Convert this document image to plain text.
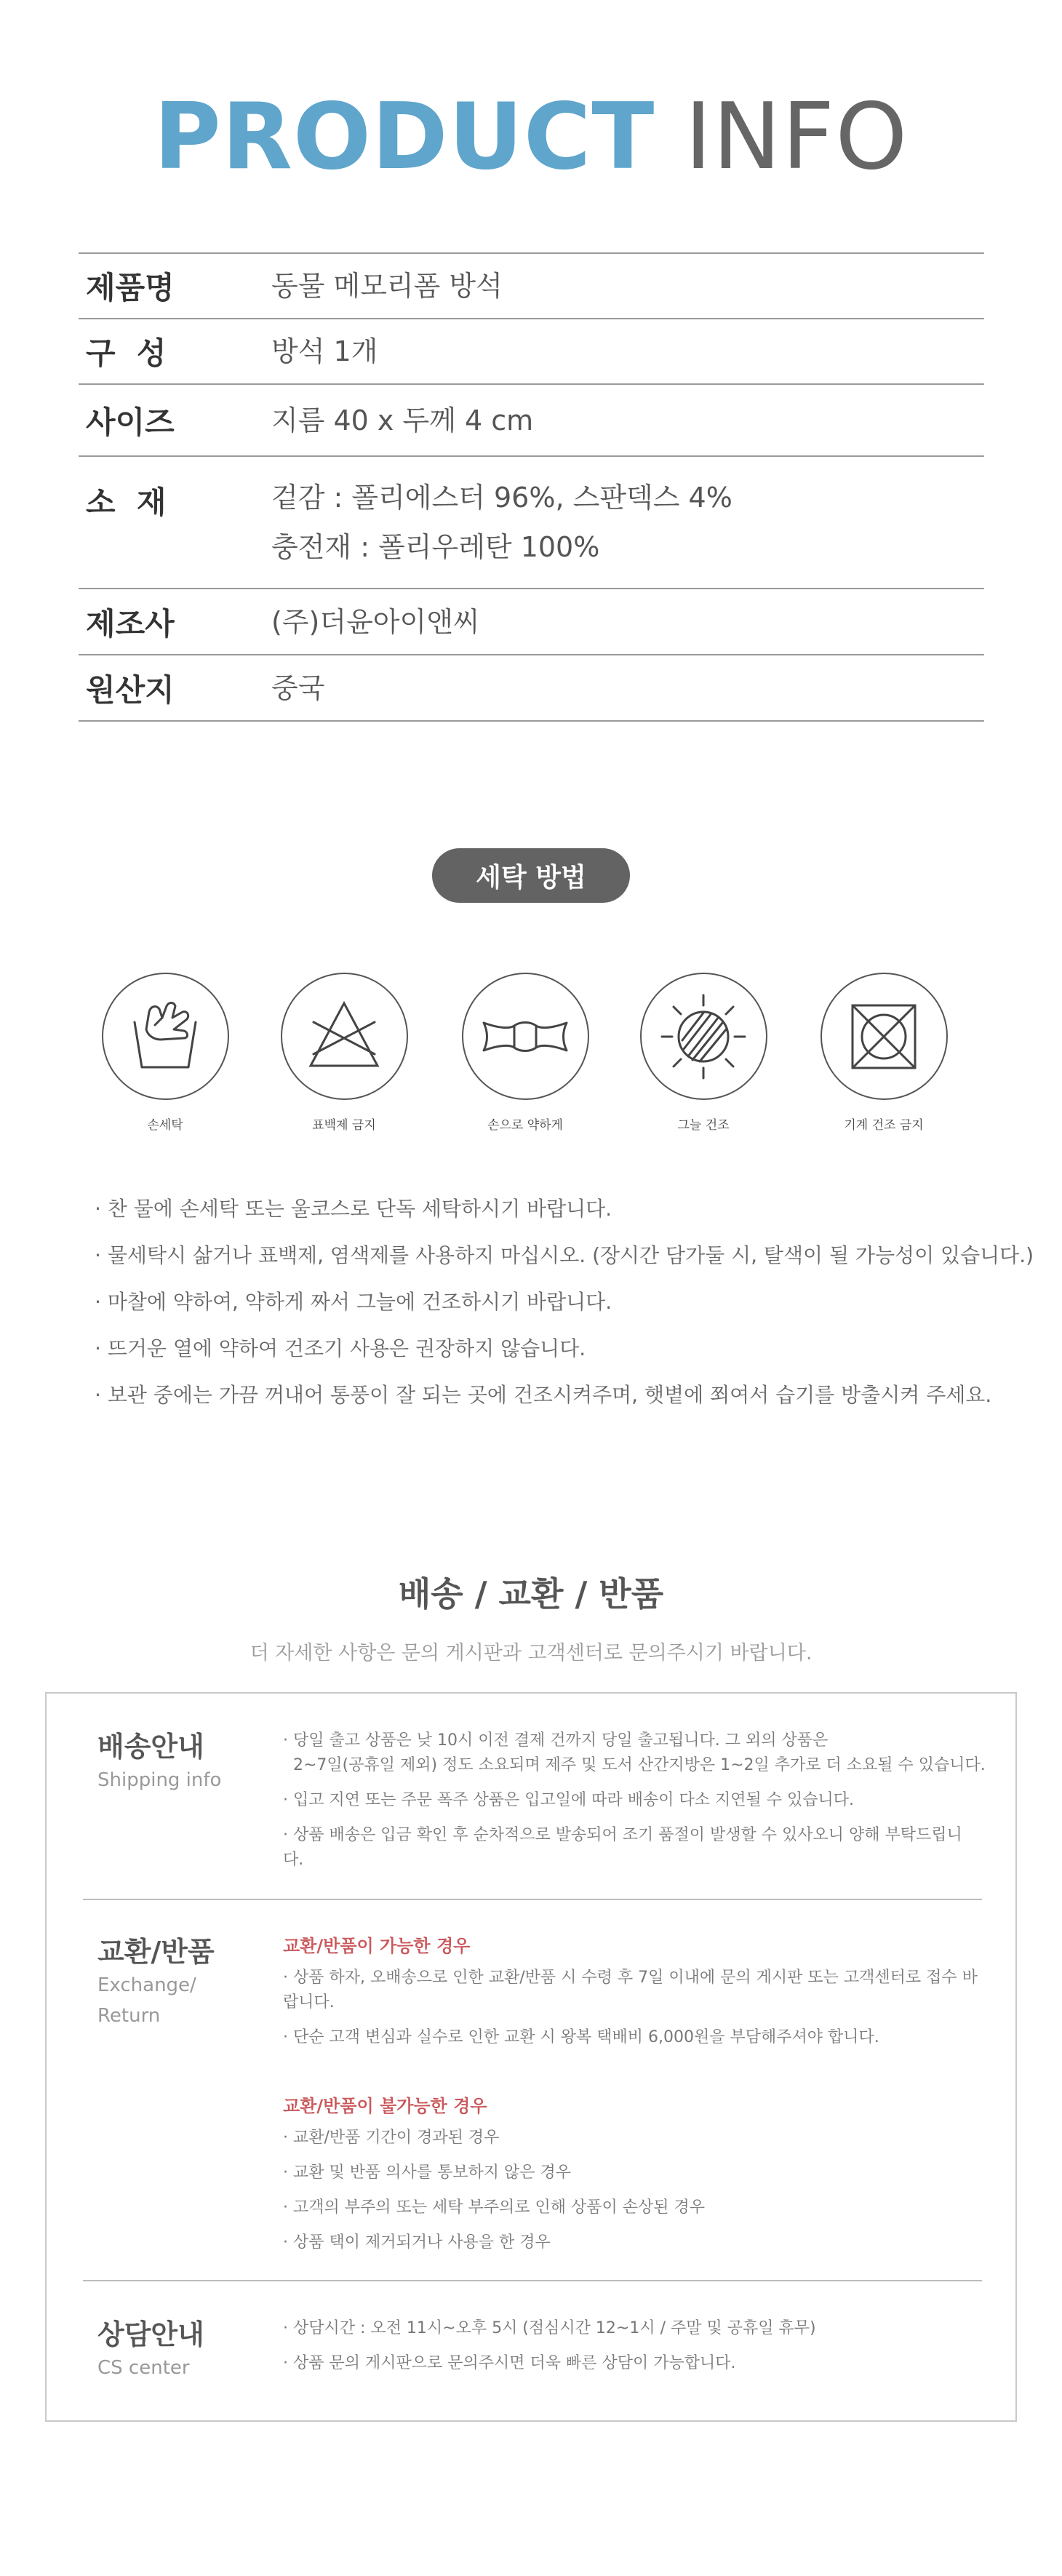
PRODUCT INFO
제품명	동물 메모리폼 방석
구  성	방석 1개
사이즈	지름 40 x 두께 4 cm
소  재	겉감 : 폴리에스터 96%, 스판덱스 4%
충전재 : 폴리우레탄 100%
제조사	(주)더윤아이앤씨
원산지	중국
세탁 방법
손세탁	표백제 금지	손으로 약하게	그늘 건조	기계 건조 금지
· 찬 물에 손세탁 또는 울코스로 단독 세탁하시기 바랍니다.
· 물세탁시 삶거나 표백제, 염색제를 사용하지 마십시오. (장시간 담가둘 시, 탈색이 될 가능성이 있습니다.)
· 마찰에 약하여, 약하게 짜서 그늘에 건조하시기 바랍니다.
· 뜨거운 열에 약하여 건조기 사용은 권장하지 않습니다.
· 보관 중에는 가끔 꺼내어 통풍이 잘 되는 곳에 건조시켜주며, 햇볕에 쬐여서 습기를 방출시켜 주세요.
배송 / 교환 / 반품
더 자세한 사항은 문의 게시판과 고객센터로 문의주시기 바랍니다.
배송안내
Shipping info

· 당일 출고 상품은 낮 10시 이전 결제 건까지 당일 출고됩니다. 그 외의 상품은

2~7일(공휴일 제외) 정도 소요되며 제주 및 도서 산간지방은 1~2일 추가로 더 소요될 수 있습니다.

· 입고 지연 또는 주문 폭주 상품은 입고일에 따라 배송이 다소 지연될 수 있습니다.

· 상품 배송은 입금 확인 후 순차적으로 발송되어 조기 품절이 발생할 수 있사오니 양해 부탁드립니다.

교환/반품
Exchange/
Return

교환/반품이 가능한 경우

· 상품 하자, 오배송으로 인한 교환/반품 시 수령 후 7일 이내에 문의 게시판 또는 고객센터로 접수 바랍니다.

· 단순 고객 변심과 실수로 인한 교환 시 왕복 택배비 6,000원을 부담해주셔야 합니다.

교환/반품이 불가능한 경우

· 교환/반품 기간이 경과된 경우

· 교환 및 반품 의사를 통보하지 않은 경우

· 고객의 부주의 또는 세탁 부주의로 인해 상품이 손상된 경우

· 상품 택이 제거되거나 사용을 한 경우

상담안내
CS center

· 상담시간 : 오전 11시~오후 5시 (점심시간 12~1시 / 주말 및 공휴일 휴무)

· 상품 문의 게시판으로 문의주시면 더욱 빠른 상담이 가능합니다.
